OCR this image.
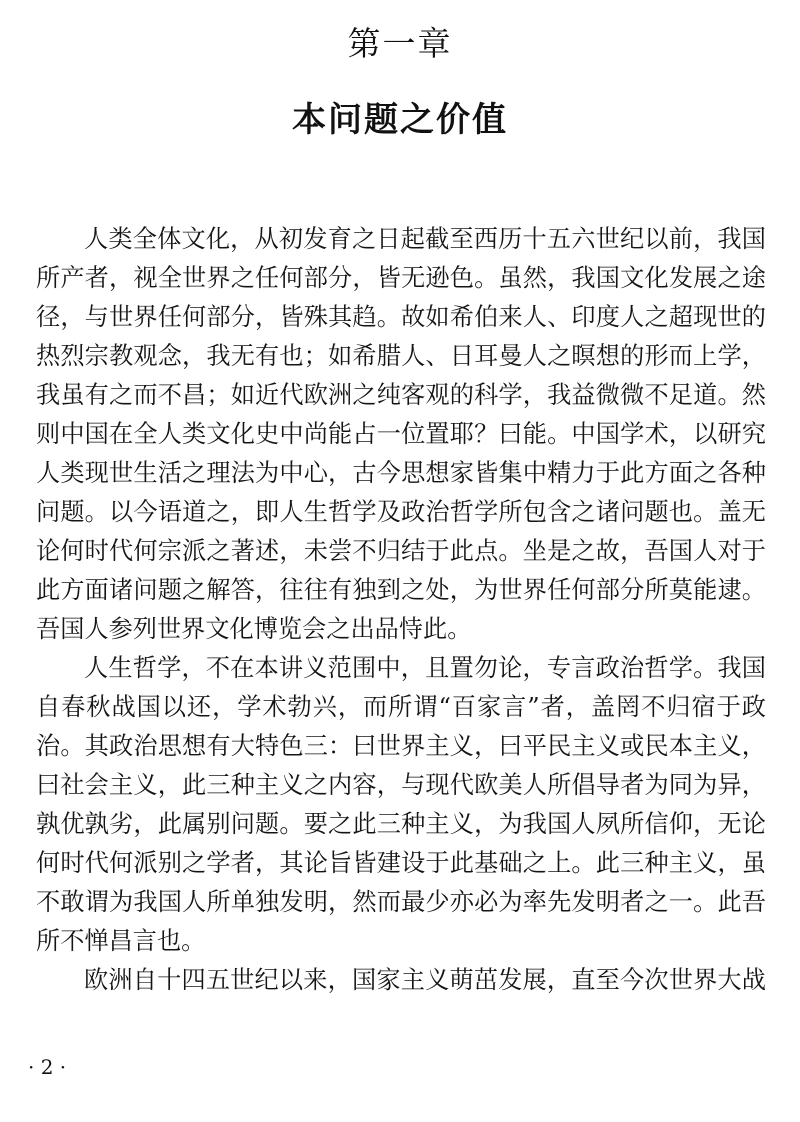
第一章
本问题之价值
人类全体文化，从初发育之日起截至西历十五六世纪以前，我国
所产者，视全世界之任何部分，皆无逊色。虽然，我国文化发展之途
径，与世界任何部分，皆殊其趋。故如希伯来人、印度人之超现世的
热烈宗教观念，我无有也；如希腊人、日耳曼人之暝想的形而上学，
我虽有之而不昌；如近代欧洲之纯客观的科学，我益微微不足道。然
则中国在全人类文化史中尚能占一位置耶？曰能。中国学术，以研究
人类现世生活之理法为中心，古今思想家皆集中精力于此方面之各种
问题。以今语道之，即人生哲学及政治哲学所包含之诸问题也。盖无
论何时代何宗派之著述，未尝不归结于此点。坐是之故，吾国人对于
此方面诸问题之解答，往往有独到之处，为世界任何部分所莫能逮。
吾国人参列世界文化博览会之出品恃此。
人生哲学，不在本讲义范围中，且置勿论，专言政治哲学。我国
自春秋战国以还，学术勃兴，而所谓“百家言”者，盖罔不归宿于政
治。其政治思想有大特色三：曰世界主义，曰平民主义或民本主义，
曰社会主义，此三种主义之内容，与现代欧美人所倡导者为同为异，
孰优孰劣，此属别问题。要之此三种主义，为我国人夙所信仰，无论
何时代何派别之学者，其论旨皆建设于此基础之上。此三种主义，虽
不敢谓为我国人所单独发明，然而最少亦必为率先发明者之一。此吾
所不惮昌言也。
欧洲自十四五世纪以来，国家主义萌茁发展，直至今次世界大战
· 2 ·
